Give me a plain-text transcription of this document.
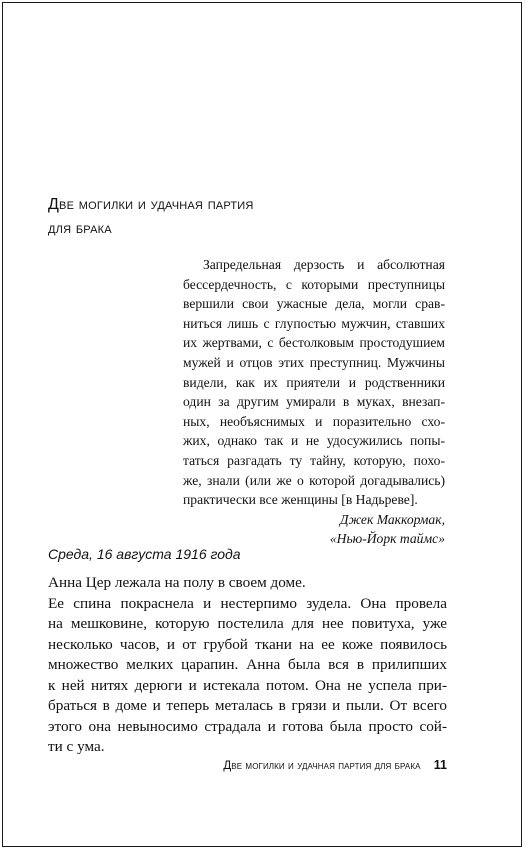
Две могилки и удачная партия
для брака
Запредельная дерзость и абсолютная
бессердечность, с которыми преступницы
вершили свои ужасные дела, могли срав-
ниться лишь с глупостью мужчин, ставших
их жертвами, с бестолковым простодушием
мужей и отцов этих преступниц. Мужчины
видели, как их приятели и родственники
один за другим умирали в муках, внезап-
ных, необъяснимых и поразительно схо-
жих, однако так и не удосужились попы-
таться разгадать ту тайну, которую, похо-
же, знали (или же о которой догадывались)
практически все женщины [в Надьреве].
Джек Маккормак,
«Нью-Йорк таймс»

Среда, 16 августа 1916 года

Анна Цер лежала на полу в своем доме.
Ее спина покраснела и нестерпимо зудела. Она провела
на мешковине, которую постелила для нее повитуха, уже
несколько часов, и от грубой ткани на ее коже появилось
множество мелких царапин. Анна была вся в прилипших
к ней нитях дерюги и истекала потом. Она не успела при-
браться в доме и теперь металась в грязи и пыли. От всего
этого она невыносимо страдала и готова была просто сой-
ти с ума.
Две могилки и удачная партия для брака 11
